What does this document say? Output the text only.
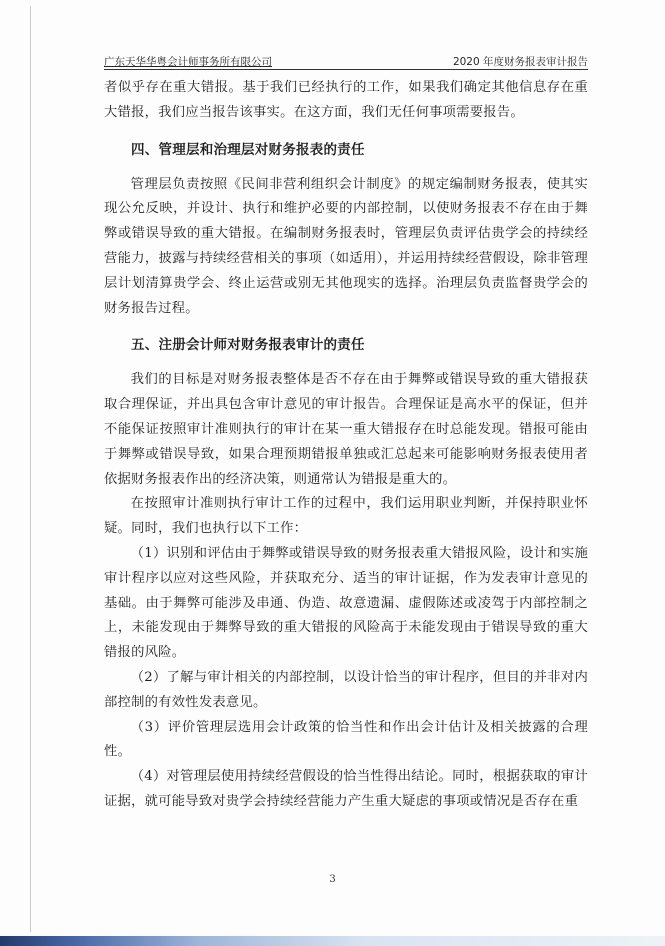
广东天华华粤会计师事务所有限公司	2020 年度财务报表审计报告

者似乎存在重大错报。基于我们已经执行的工作，如果我们确定其他信息存在重大错报，我们应当报告该事实。在这方面，我们无任何事项需要报告。

四、管理层和治理层对财务报表的责任

管理层负责按照《民间非营利组织会计制度》的规定编制财务报表，使其实现公允反映，并设计、执行和维护必要的内部控制，以使财务报表不存在由于舞弊或错误导致的重大错报。在编制财务报表时，管理层负责评估贵学会的持续经营能力，披露与持续经营相关的事项（如适用），并运用持续经营假设，除非管理层计划清算贵学会、终止运营或别无其他现实的选择。治理层负责监督贵学会的财务报告过程。

五、注册会计师对财务报表审计的责任

我们的目标是对财务报表整体是否不存在由于舞弊或错误导致的重大错报获取合理保证，并出具包含审计意见的审计报告。合理保证是高水平的保证，但并不能保证按照审计准则执行的审计在某一重大错报存在时总能发现。错报可能由于舞弊或错误导致，如果合理预期错报单独或汇总起来可能影响财务报表使用者依据财务报表作出的经济决策，则通常认为错报是重大的。

在按照审计准则执行审计工作的过程中，我们运用职业判断，并保持职业怀疑。同时，我们也执行以下工作：

（1）识别和评估由于舞弊或错误导致的财务报表重大错报风险，设计和实施审计程序以应对这些风险，并获取充分、适当的审计证据，作为发表审计意见的基础。由于舞弊可能涉及串通、伪造、故意遗漏、虚假陈述或凌驾于内部控制之上，未能发现由于舞弊导致的重大错报的风险高于未能发现由于错误导致的重大错报的风险。

（2）了解与审计相关的内部控制，以设计恰当的审计程序，但目的并非对内部控制的有效性发表意见。

（3）评价管理层选用会计政策的恰当性和作出会计估计及相关披露的合理性。

（4）对管理层使用持续经营假设的恰当性得出结论。同时，根据获取的审计证据，就可能导致对贵学会持续经营能力产生重大疑虑的事项或情况是否存在重

3
